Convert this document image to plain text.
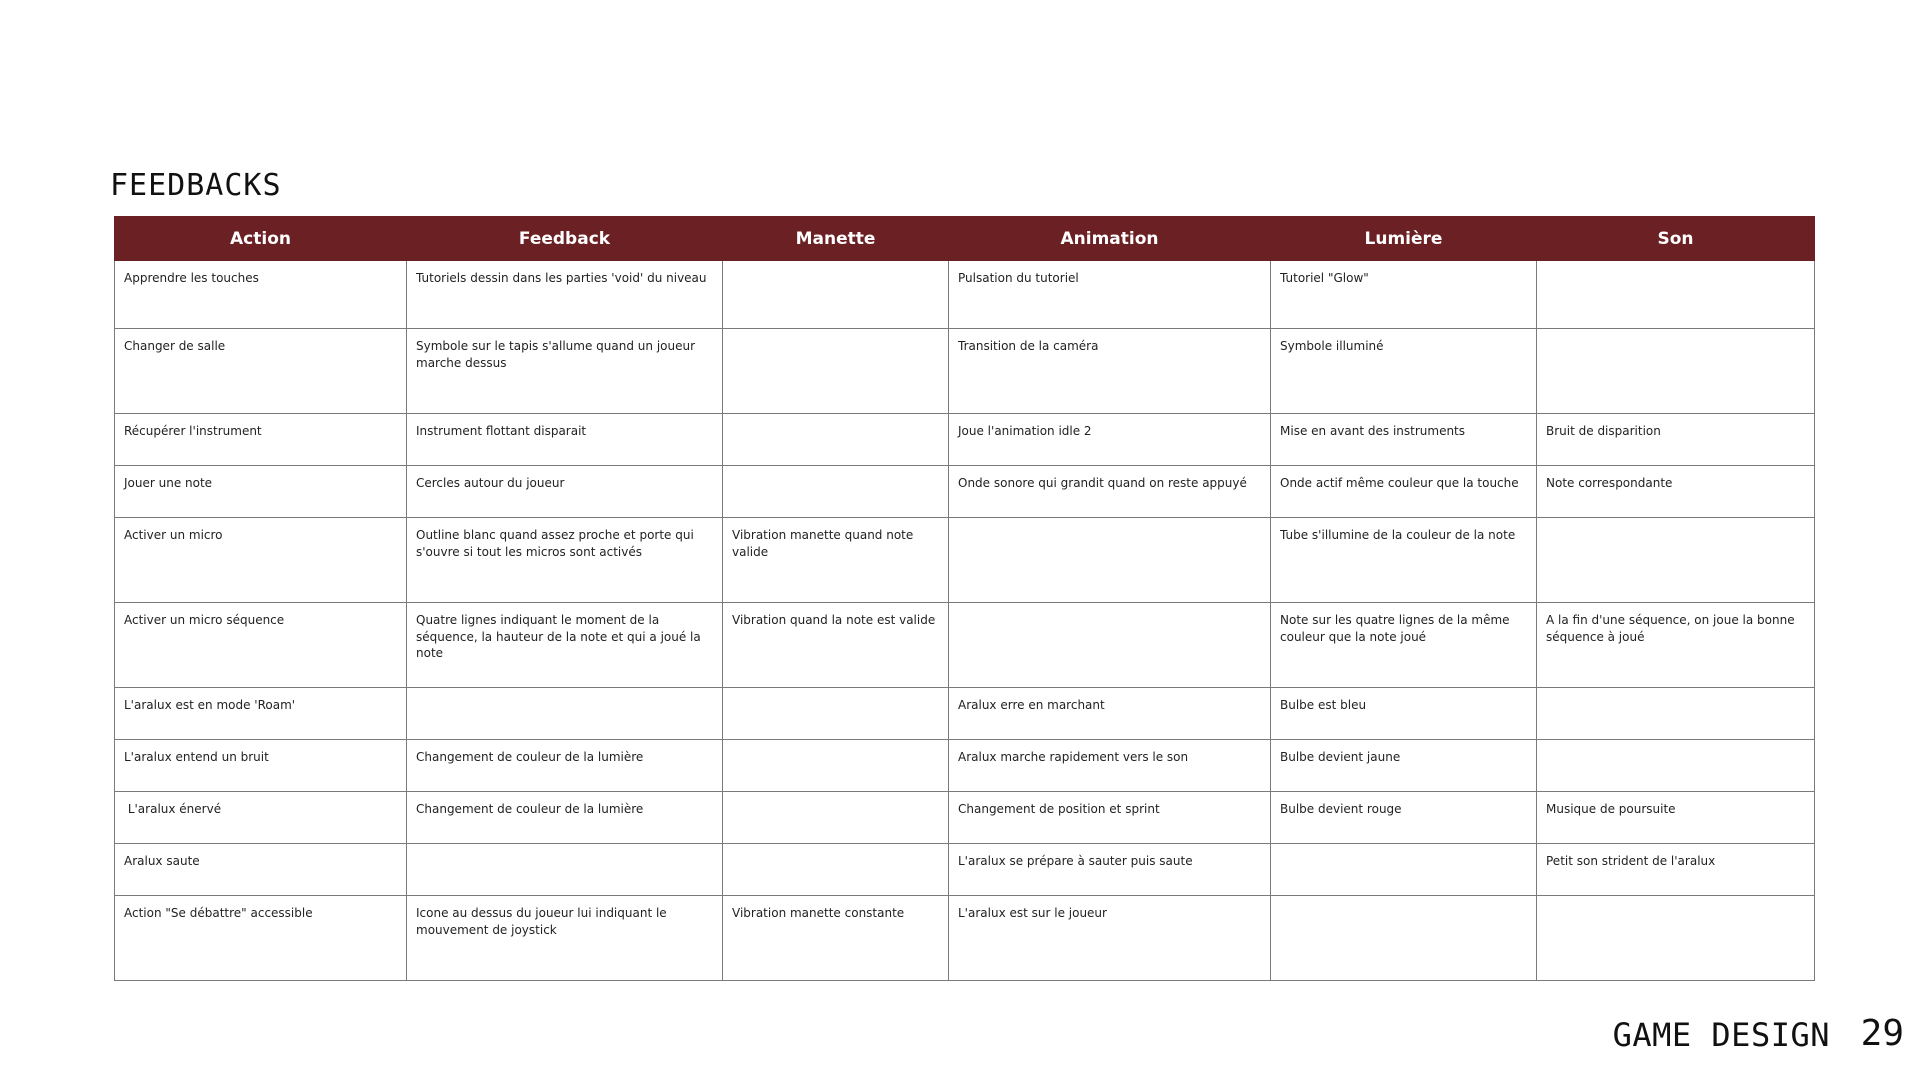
FEEDBACKS
Action	Feedback	Manette	Animation	Lumière	Son
Apprendre les touches	Tutoriels dessin dans les parties 'void' du niveau		Pulsation du tutoriel	Tutoriel "Glow"	
Changer de salle	Symbole sur le tapis s'allume quand un joueur marche dessus		Transition de la caméra	Symbole illuminé	
Récupérer l'instrument	Instrument flottant disparait		Joue l'animation idle 2	Mise en avant des instruments	Bruit de disparition
Jouer une note	Cercles autour du joueur		Onde sonore qui grandit quand on reste appuyé	Onde actif même couleur que la touche	Note correspondante
Activer un micro	Outline blanc quand assez proche et porte qui s'ouvre si tout les micros sont activés	Vibration manette quand note valide		Tube s'illumine de la couleur de la note	
Activer un micro séquence	Quatre lignes indiquant le moment de la séquence, la hauteur de la note et qui a joué la note	Vibration quand la note est valide		Note sur les quatre lignes de la même couleur que la note joué	A la fin d'une séquence, on joue la bonne séquence à joué
L'aralux est en mode 'Roam'			Aralux erre en marchant	Bulbe est bleu	
L'aralux entend un bruit	Changement de couleur de la lumière		Aralux marche rapidement vers le son	Bulbe devient jaune	
L'aralux énervé	Changement de couleur de la lumière		Changement de position et sprint	Bulbe devient rouge	Musique de poursuite
Aralux saute			L'aralux se prépare à sauter puis saute		Petit son strident de l'aralux
Action "Se débattre" accessible	Icone au dessus du joueur lui indiquant le mouvement de joystick	Vibration manette constante	L'aralux est sur le joueur		
GAME DESIGN 29
